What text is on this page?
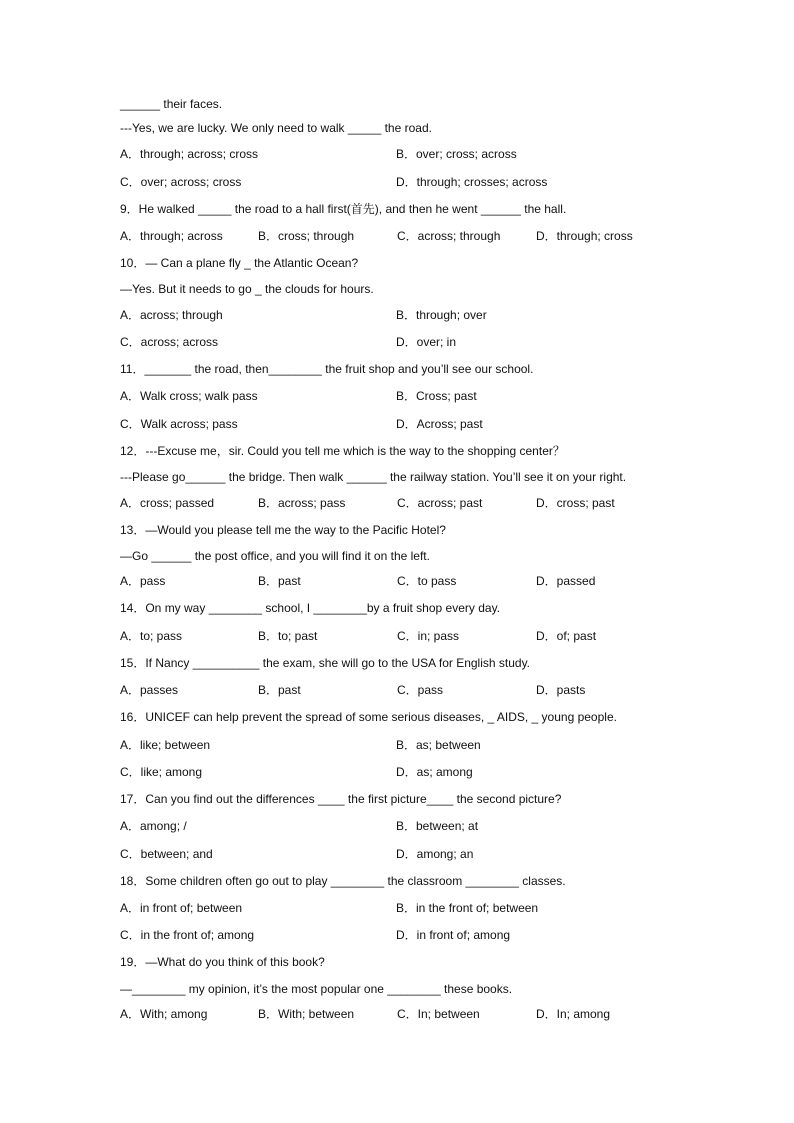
______ their faces.
---Yes, we are lucky. We only need to walk _____ the road.
A．through; across; cross	B．over; cross; across
C．over; across; cross	D．through; crosses; across
9．He walked _____ the road to a hall first(首先), and then he went ______ the hall.
A．through; across	B．cross; through	C．across; through	D．through; cross
10．— Can a plane fly _ the Atlantic Ocean?
—Yes. But it needs to go _ the clouds for hours.
A．across; through	B．through; over
C．across; across	D．over; in
11．_______ the road, then________ the fruit shop and you’ll see our school.
A．Walk cross; walk pass	B．Cross; past
C．Walk across; pass	D．Across; past
12．---Excuse me，sir. Could you tell me which is the way to the shopping center？
---Please go______ the bridge. Then walk ______ the railway station. You’ll see it on your right.
A．cross; passed	B．across; pass	C．across; past	D．cross; past
13．—Would you please tell me the way to the Pacific Hotel?
—Go ______ the post office, and you will find it on the left.
A．pass	B．past	C．to pass	D．passed
14．On my way ________ school, I ________by a fruit shop every day.
A．to; pass	B．to; past	C．in; pass	D．of; past
15．If Nancy __________ the exam, she will go to the USA for English study.
A．passes	B．past	C．pass	D．pasts
16．UNICEF can help prevent the spread of some serious diseases, _ AIDS, _ young people.
A．like; between	B．as; between
C．like; among	D．as; among
17．Can you find out the differences ____ the first picture____ the second picture?
A．among; /	B．between; at
C．between; and	D．among; an
18．Some children often go out to play ________ the classroom ________ classes.
A．in front of; between	B．in the front of; between
C．in the front of; among	D．in front of; among
19．—What do you think of this book?
—________ my opinion, it’s the most popular one ________ these books.
A．With; among	B．With; between	C．In; between	D．In; among
